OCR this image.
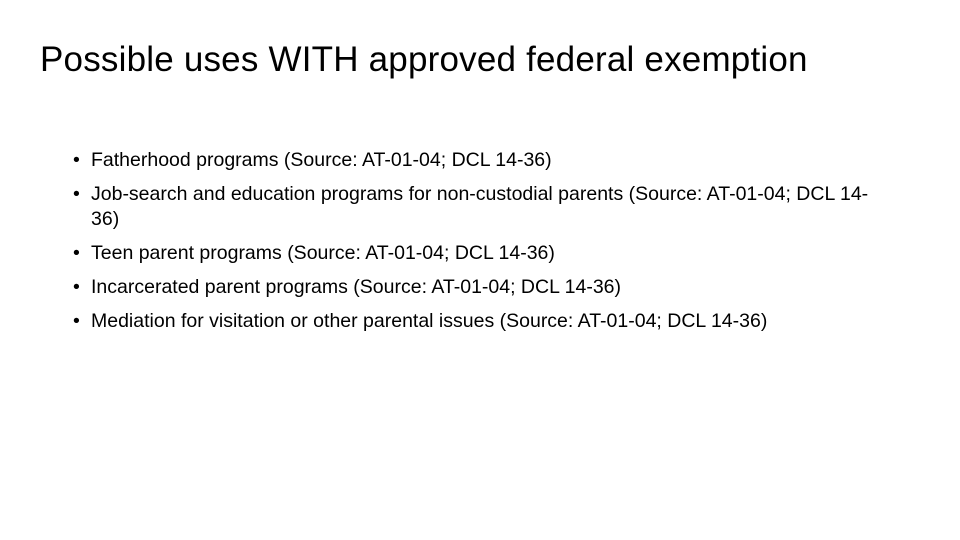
Possible uses WITH approved federal exemption
• Fatherhood programs (Source: AT-01-04; DCL 14-36)
• Job-search and education programs for non-custodial parents (Source: AT-01-04; DCL 14-36)
• Teen parent programs (Source: AT-01-04; DCL 14-36)
• Incarcerated parent programs (Source: AT-01-04; DCL 14-36)
• Mediation for visitation or other parental issues (Source: AT-01-04; DCL 14-36)
